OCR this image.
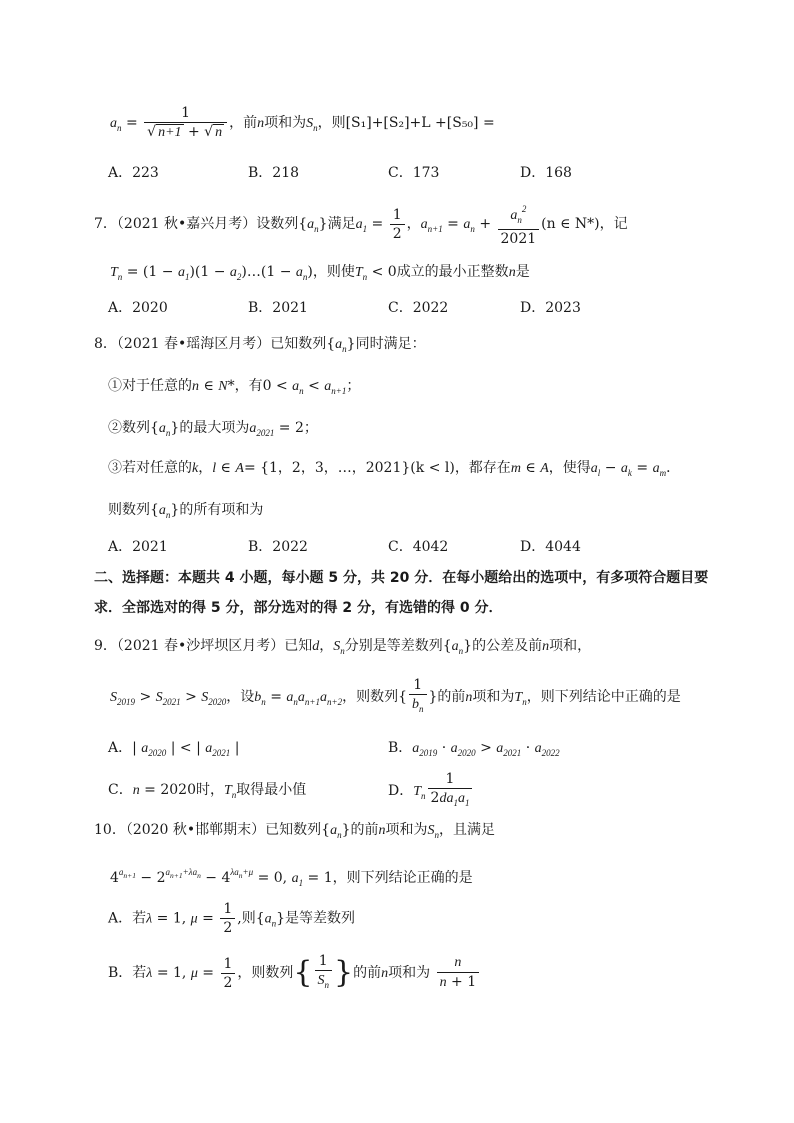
$a_n = \frac{1}{√ n+1 + √ n}$ ，前n项和为$S_n$，则[S₁]+[S₂]+L +[S₅₀] =
A．223	B．218	C．173	D．168
7．（2021 秋•嘉兴月考）设数列$\{a_n\}$满足$a_1 = \frac{1}{2}$ ，$a_{n+1} = a_n + \frac{a_n^2}{2021} (n$ ∈ N*)，记
$T_n = (1 - a_1)(1$ − $a_2)\dots(1 - a_n)$，则使$T_n < 0$成立的最小正整数n是
A．2020	B．2021	C．2022	D．2023
8．（2021 春•瑶海区月考）已知数列$\{a_n\}$同时满足：
①对于任意的n ∈ N*，有$0 < a_n < a_{n+1}$；
②数列$\{a_n\}$的最大项为$a_{2021} = 2$；
③若对任意的k，l ∈ A= {1，2，3，…，2021}(k < l)，都存在m ∈ A，使得$a_l - a_k = a_m$．
则数列$\{a_n\}$的所有项和为
A．2021	B．2022	C．4042	D．4044
二、选择题：本题共 4 小题，每小题 5 分，共 20 分．在每小题给出的选项中，有多项符合题目要
求．全部选对的得 5 分，部分选对的得 2 分，有选错的得 0 分．
9．（2021 春•沙坪坝区月考）已知d，$S_n$分别是等差数列$\{a_n\}$的公差及前n项和，
$S_{2019} > S_{2021} > S_{2020}$，设$b_n = a_na_{n+1}a_{n+2}$，则数列{ $\frac{1}{b_n}$ }的前n项和为$T_n$，则下列结论中正确的是
A．| $a_{2020}$ | < | $a_{2021}$ |	B．$a_{2019} \cdot a_{2020} > a_{2021} \cdot a_{2022}$
C．n = 2020时，$T_n$取得最小值	D．$T_n \frac{1}{2da_1a_1}$
10．（2020 秋•邯郸期末）已知数列$\{a_n\}$的前n项和为$S_n$，且满足
$4^{a_{n+1}} - 2^{a_{n+1}+\lambda a_n} - 4^{\lambda a_n+\mu} = 0$, $a_1 = 1$，则下列结论正确的是
A．若λ = 1, $\mu = \frac{1}{2}$ ,则$\{a_n\}$是等差数列
B．若λ = 1, $\mu = \frac{1}{2}$ ，则数列{ $\frac{1}{S_n}$ }的前n项和为 $\frac{n}{n + 1}$
